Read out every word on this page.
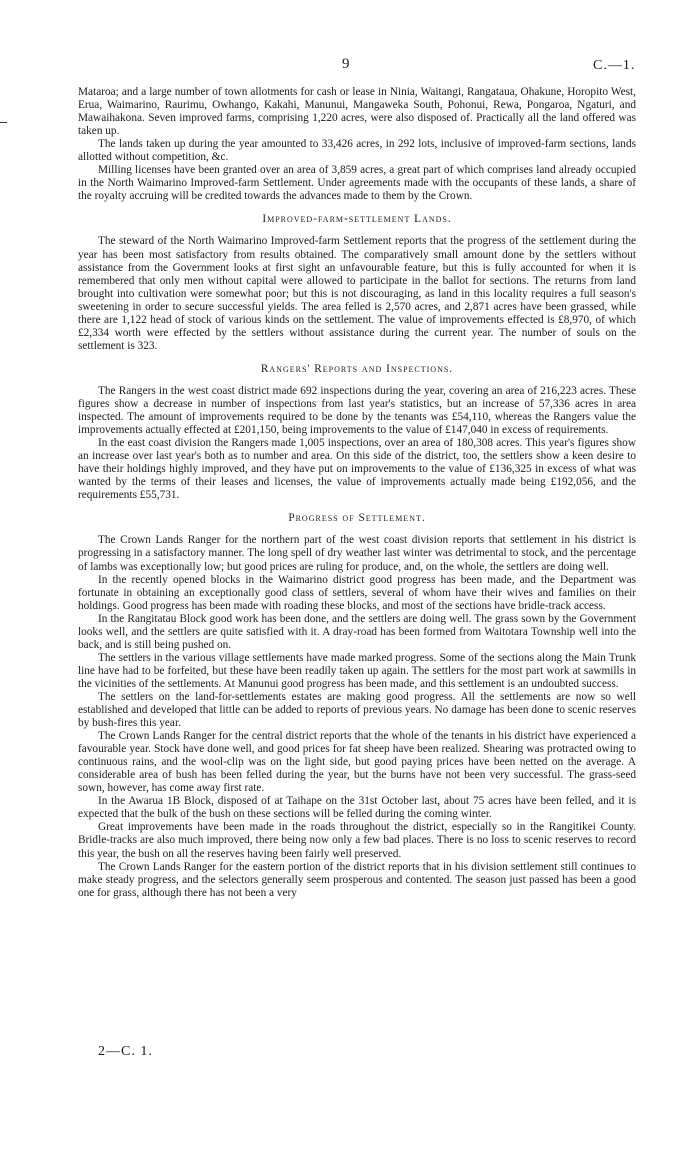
9	C.—1.

Mataroa; and a large number of town allotments for cash or lease in Ninia, Waitangi, Rangataua, Ohakune, Horopito West, Erua, Waimarino, Raurimu, Owhango, Kakahi, Manunui, Mangaweka South, Pohonui, Rewa, Pongaroa, Ngaturi, and Mawaihakona. Seven improved farms, comprising 1,220 acres, were also disposed of. Practically all the land offered was taken up.

The lands taken up during the year amounted to 33,426 acres, in 292 lots, inclusive of improved-farm sections, lands allotted without competition, &c.

Milling licenses have been granted over an area of 3,859 acres, a great part of which comprises land already occupied in the North Waimarino Improved-farm Settlement. Under agreements made with the occupants of these lands, a share of the royalty accruing will be credited towards the advances made to them by the Crown.

Improved-farm-settlement Lands.

The steward of the North Waimarino Improved-farm Settlement reports that the progress of the settlement during the year has been most satisfactory from results obtained. The comparatively small amount done by the settlers without assistance from the Government looks at first sight an unfavourable feature, but this is fully accounted for when it is remembered that only men without capital were allowed to participate in the ballot for sections. The returns from land brought into cultivation were somewhat poor; but this is not discouraging, as land in this locality requires a full season's sweetening in order to secure successful yields. The area felled is 2,570 acres, and 2,871 acres have been grassed, while there are 1,122 head of stock of various kinds on the settlement. The value of improvements effected is £8,970, of which £2,334 worth were effected by the settlers without assistance during the current year. The number of souls on the settlement is 323.

Rangers' Reports and Inspections.

The Rangers in the west coast district made 692 inspections during the year, covering an area of 216,223 acres. These figures show a decrease in number of inspections from last year's statistics, but an increase of 57,336 acres in area inspected. The amount of improvements required to be done by the tenants was £54,110, whereas the Rangers value the improvements actually effected at £201,150, being improvements to the value of £147,040 in excess of requirements.

In the east coast division the Rangers made 1,005 inspections, over an area of 180,308 acres. This year's figures show an increase over last year's both as to number and area. On this side of the district, too, the settlers show a keen desire to have their holdings highly improved, and they have put on improvements to the value of £136,325 in excess of what was wanted by the terms of their leases and licenses, the value of improvements actually made being £192,056, and the requirements £55,731.

Progress of Settlement.

The Crown Lands Ranger for the northern part of the west coast division reports that settlement in his district is progressing in a satisfactory manner. The long spell of dry weather last winter was detrimental to stock, and the percentage of lambs was exceptionally low; but good prices are ruling for produce, and, on the whole, the settlers are doing well.

In the recently opened blocks in the Waimarino district good progress has been made, and the Department was fortunate in obtaining an exceptionally good class of settlers, several of whom have their wives and families on their holdings. Good progress has been made with roading these blocks, and most of the sections have bridle-track access.

In the Rangitatau Block good work has been done, and the settlers are doing well. The grass sown by the Government looks well, and the settlers are quite satisfied with it. A dray-road has been formed from Waitotara Township well into the back, and is still being pushed on.

The settlers in the various village settlements have made marked progress. Some of the sections along the Main Trunk line have had to be forfeited, but these have been readily taken up again. The settlers for the most part work at sawmills in the vicinities of the settlements. At Manunui good progress has been made, and this settlement is an undoubted success.

The settlers on the land-for-settlements estates are making good progress. All the settlements are now so well established and developed that little can be added to reports of previous years. No damage has been done to scenic reserves by bush-fires this year.

The Crown Lands Ranger for the central district reports that the whole of the tenants in his district have experienced a favourable year. Stock have done well, and good prices for fat sheep have been realized. Shearing was protracted owing to continuous rains, and the wool-clip was on the light side, but good paying prices have been netted on the average. A considerable area of bush has been felled during the year, but the burns have not been very successful. The grass-seed sown, however, has come away first rate.

In the Awarua 1B Block, disposed of at Taihape on the 31st October last, about 75 acres have been felled, and it is expected that the bulk of the bush on these sections will be felled during the coming winter.

Great improvements have been made in the roads throughout the district, especially so in the Rangitikei County. Bridle-tracks are also much improved, there being now only a few bad places. There is no loss to scenic reserves to record this year, the bush on all the reserves having been fairly well preserved.

The Crown Lands Ranger for the eastern portion of the district reports that in his division settlement still continues to make steady progress, and the selectors generally seem prosperous and contented. The season just passed has been a good one for grass, although there has not been a very

2—C. 1.
